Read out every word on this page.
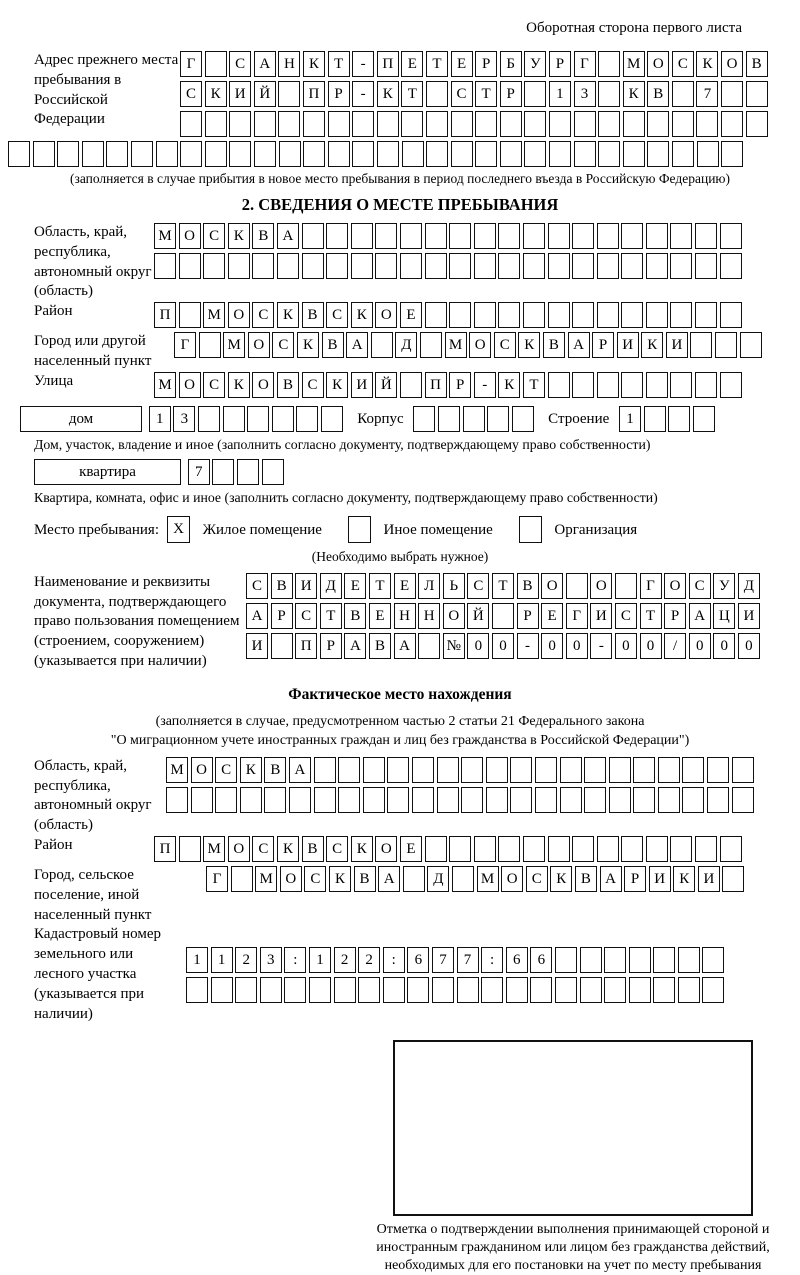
Оборотная сторона первого листа
Адрес прежнего места пребывания в Российской Федерации
Г	С А Н К Т - П Е Т Е Р Б У Р Г	М О С К О В
С К И Й	П Р - К Т	С Т Р	1 3	К В	7
(заполняется в случае прибытия в новое место пребывания в период последнего въезда в Российскую Федерацию)
2. СВЕДЕНИЯ О МЕСТЕ ПРЕБЫВАНИЯ
Область, край, республика, автономный округ (область)
М О С К В А
Район	П М О С К В С К О Е
Город или другой населенный пункт
Г	М О С К В А	Д М О С К В А Р И К И
Улица	М О С К О В С К И Й	П Р - К Т
дом	1 3	Корпус	Строение 1
Дом, участок, владение и иное (заполнить согласно документу, подтверждающему право собственности)
квартира	7
Квартира, комната, офис и иное (заполнить согласно документу, подтверждающему право собственности)
Место пребывания: X	Жилое помещение	Иное помещение	Организация
(Необходимо выбрать нужное)
Наименование и реквизиты документа, подтверждающего право пользования помещением (строением, сооружением) (указывается при наличии)
С В И Д Е Т Е Л Ь С Т В О	О	Г О С У Д
А Р С Т В Е Н Н О Й	Р Е Г И С Т Р А Ц И
И	П Р А В А № 0 0 - 0 0 - 0 0 / 0 0 0
Фактическое место нахождения
(заполняется в случае, предусмотренном частью 2 статьи 21 Федерального закона
"О миграционном учете иностранных граждан и лиц без гражданства в Российской Федерации")
Область, край, республика, автономный округ (область)
М О С К В А
Район	П М О С К В С К О Е
Город, сельское поселение, иной населенный пункт
Г	М О С К В А	Д М О С К В А Р И К И
Кадастровый номер земельного или лесного участка (указывается при наличии)
1 1 2 3 : 1 2 2 : 6 7 7 : 6 6
Отметка о подтверждении выполнения принимающей стороной и иностранным гражданином или лицом без гражданства действий, необходимых для его постановки на учет по месту пребывания
